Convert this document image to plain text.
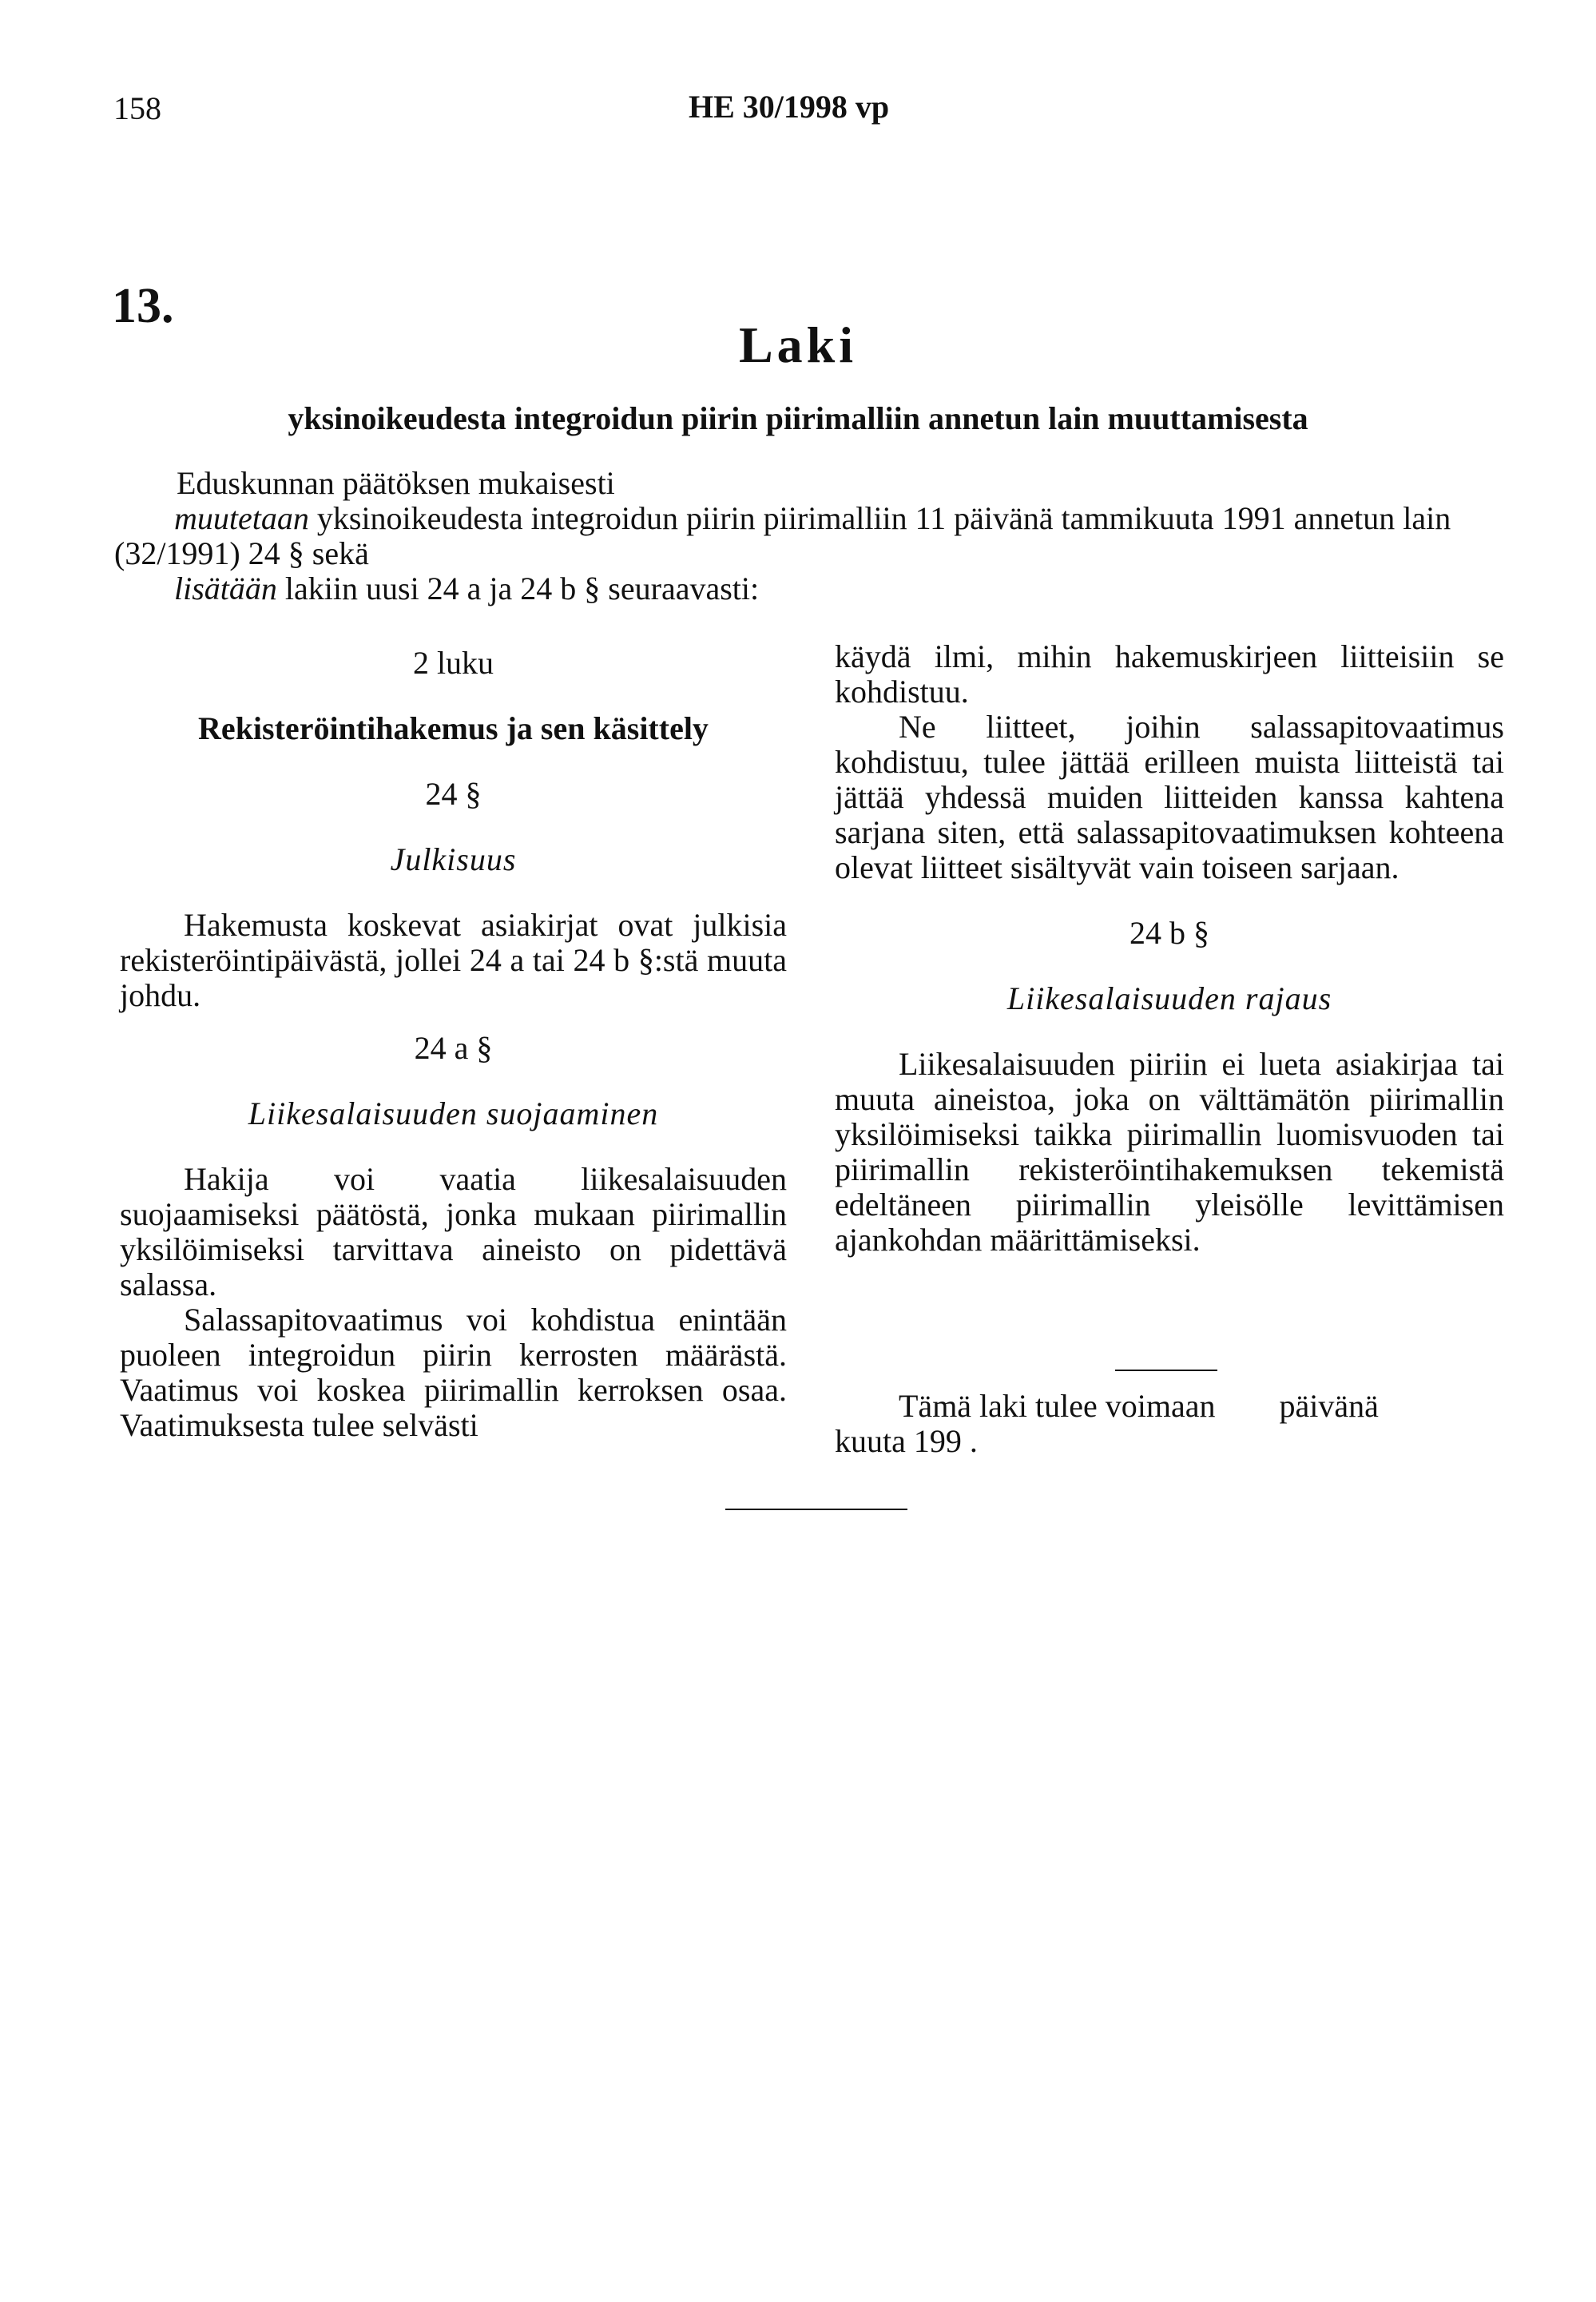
158	HE 30/1998 vp
13.
Laki
yksinoikeudesta integroidun piirin piirimalliin annetun lain muuttamisesta

Eduskunnan päätöksen mukaisesti

muutetaan yksinoikeudesta integroidun piirin piirimalliin 11 päivänä tammikuuta 1991 annetun lain (32/1991) 24 § sekä

lisätään lakiin uusi 24 a ja 24 b § seuraavasti:

2 luku

Rekisteröintihakemus ja sen käsittely

24 §

Julkisuus

Hakemusta koskevat asiakirjat ovat julkisia rekisteröintipäivästä, jollei 24 a tai 24 b §:stä muuta johdu.

24 a §

Liikesalaisuuden suojaaminen

Hakija voi vaatia liikesalaisuuden suojaamiseksi päätöstä, jonka mukaan piirimallin yksilöimiseksi tarvittava aineisto on pidettävä salassa.

Salassapitovaatimus voi kohdistua enintään puoleen integroidun piirin kerrosten määrästä. Vaatimus voi koskea piirimallin kerroksen osaa. Vaatimuksesta tulee selvästi

käydä ilmi, mihin hakemuskirjeen liitteisiin se kohdistuu.

Ne liitteet, joihin salassapitovaatimus kohdistuu, tulee jättää erilleen muista liitteistä tai jättää yhdessä muiden liitteiden kanssa kahtena sarjana siten, että salassapitovaatimuksen kohteena olevat liitteet sisältyvät vain toiseen sarjaan.

24 b §

Liikesalaisuuden rajaus

Liikesalaisuuden piiriin ei lueta asiakirjaa tai muuta aineistoa, joka on välttämätön piirimallin yksilöimiseksi taikka piirimallin luomisvuoden tai piirimallin rekisteröintihakemuksen tekemistä edeltäneen piirimallin yleisölle levittämisen ajankohdan määrittämiseksi.

Tämä laki tulee voimaan päivänä

kuuta 199 .
